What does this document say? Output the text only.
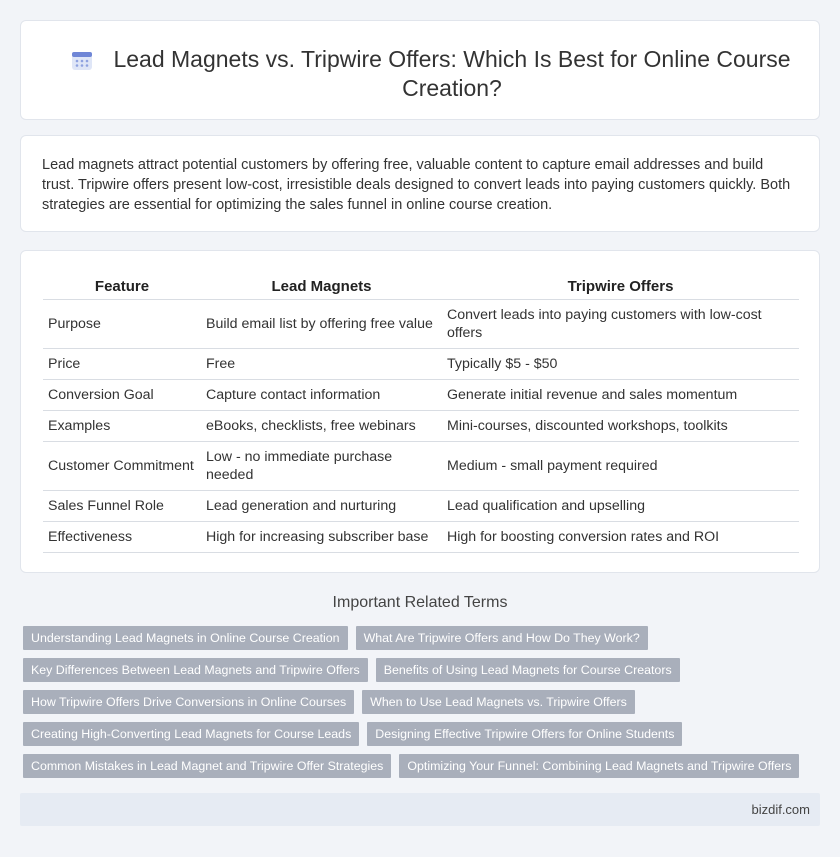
Lead Magnets vs. Tripwire Offers: Which Is Best for Online Course Creation?

Lead magnets attract potential customers by offering free, valuable content to capture email addresses and build trust. Tripwire offers present low-cost, irresistible deals designed to convert leads into paying customers quickly. Both strategies are essential for optimizing the sales funnel in online course creation.

Feature	Lead Magnets	Tripwire Offers
Purpose	Build email list by offering free value	Convert leads into paying customers with low-cost offers
Price	Free	Typically $5 - $50
Conversion Goal	Capture contact information	Generate initial revenue and sales momentum
Examples	eBooks, checklists, free webinars	Mini-courses, discounted workshops, toolkits
Customer Commitment	Low - no immediate purchase needed	Medium - small payment required
Sales Funnel Role	Lead generation and nurturing	Lead qualification and upselling
Effectiveness	High for increasing subscriber base	High for boosting conversion rates and ROI
Important Related Terms
Understanding Lead Magnets in Online Course Creation	What Are Tripwire Offers and How Do They Work?
Key Differences Between Lead Magnets and Tripwire Offers	Benefits of Using Lead Magnets for Course Creators
How Tripwire Offers Drive Conversions in Online Courses	When to Use Lead Magnets vs. Tripwire Offers
Creating High-Converting Lead Magnets for Course Leads	Designing Effective Tripwire Offers for Online Students
Common Mistakes in Lead Magnet and Tripwire Offer Strategies	Optimizing Your Funnel: Combining Lead Magnets and Tripwire Offers
bizdif.com
